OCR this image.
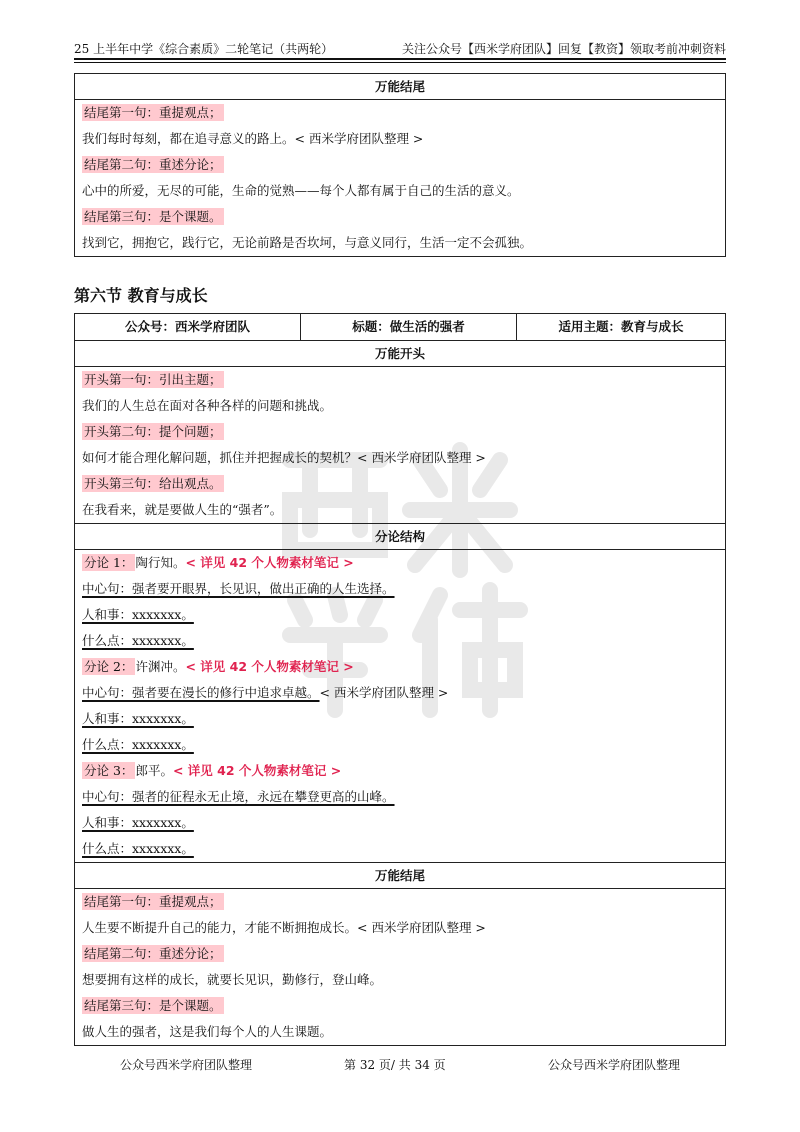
25 上半年中学《综合素质》二轮笔记（共两轮）	关注公众号【西米学府团队】回复【教资】领取考前冲刺资料
万能结尾
结尾第一句：重提观点；
我们每时每刻，都在追寻意义的路上。< 西米学府团队整理 >
结尾第二句：重述分论；
心中的所爱，无尽的可能，生命的觉熟——每个人都有属于自己的生活的意义。
结尾第三句：是个课题。
找到它，拥抱它，践行它，无论前路是否坎坷，与意义同行，生活一定不会孤独。
第六节 教育与成长
公众号：西米学府团队	标题：做生活的强者	适用主题：教育与成长
万能开头
开头第一句：引出主题；
我们的人生总在面对各种各样的问题和挑战。
开头第二句：提个问题；
如何才能合理化解问题，抓住并把握成长的契机？< 西米学府团队整理 >
开头第三句：给出观点。
在我看来，就是要做人生的“强者”。
分论结构
分论 1： 陶行知。< 详见 42 个人物素材笔记 >
中心句：强者要开眼界，长见识，做出正确的人生选择。
人和事：xxxxxxx。
什么点：xxxxxxx。
分论 2： 许渊冲。< 详见 42 个人物素材笔记 >
中心句：强者要在漫长的修行中追求卓越。< 西米学府团队整理 >
人和事：xxxxxxx。
什么点：xxxxxxx。
分论 3： 郎平。< 详见 42 个人物素材笔记 >
中心句：强者的征程永无止境，永远在攀登更高的山峰。
人和事：xxxxxxx。
什么点：xxxxxxx。
万能结尾
结尾第一句：重提观点；
人生要不断提升自己的能力，才能不断拥抱成长。< 西米学府团队整理 >
结尾第二句：重述分论；
想要拥有这样的成长，就要长见识，勤修行，登山峰。
结尾第三句：是个课题。
做人生的强者，这是我们每个人的人生课题。
公众号西米学府团队整理	第 32 页/ 共 34 页	公众号西米学府团队整理
